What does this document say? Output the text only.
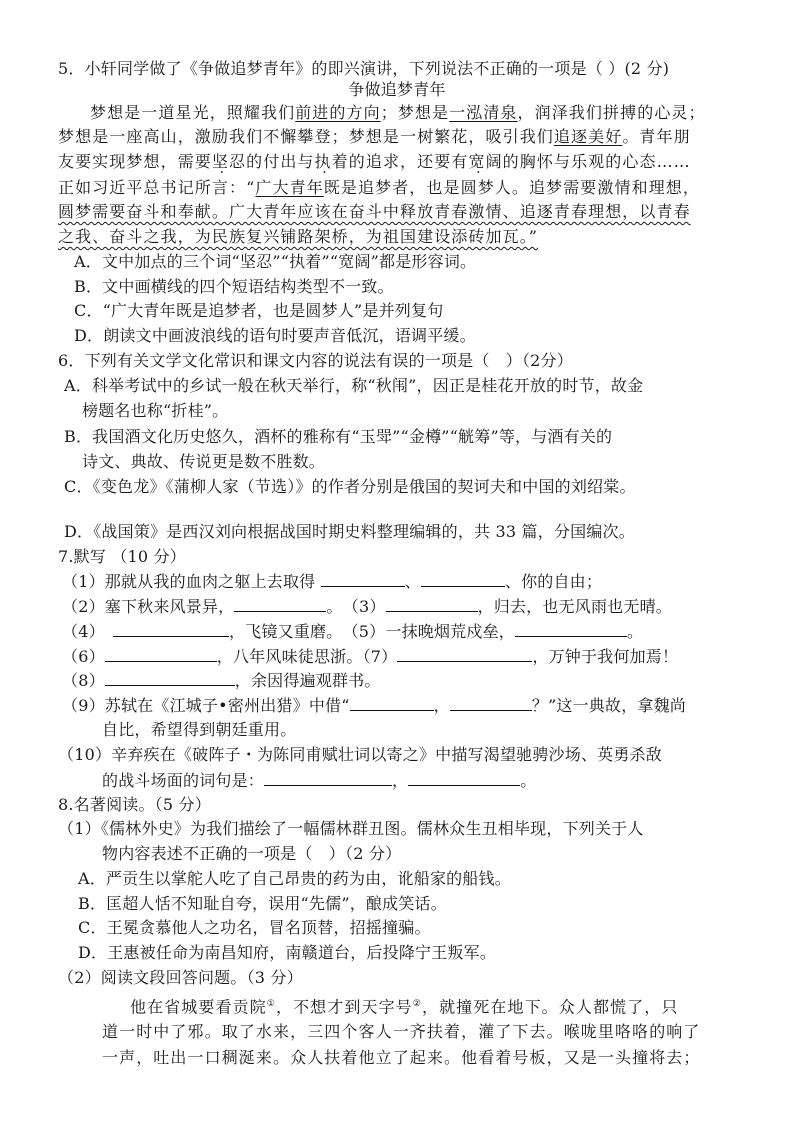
5．小轩同学做了《争做追梦青年》的即兴演讲，下列说法不正确的一项是（ ）(2 分)
争做追梦青年
梦想是一道星光，照耀我们前进的方向；梦想是一泓清泉，润泽我们拼搏的心灵；
梦想是一座高山，激励我们不懈攀登；梦想是一树繁花，吸引我们追逐美好。青年朋
友要实现梦想，需要坚忍的付出与执着的追求，还要有宽阔的胸怀与乐观的心态……
正如习近平总书记所言：“广大青年既是追梦者，也是圆梦人。追梦需要激情和理想，
圆梦需要奋斗和奉献。广大青年应该在奋斗中释放青春激情、追逐青春理想，以青春
之我、奋斗之我，为民族复兴铺路架桥，为祖国建设添砖加瓦。”
A．文中加点的三个词“坚忍”“执着”“宽阔”都是形容词。
B．文中画横线的四个短语结构类型不一致。
C．“广大青年既是追梦者，也是圆梦人”是并列复句
D．朗读文中画波浪线的语句时要声音低沉，语调平缓。
6．下列有关文学文化常识和课文内容的说法有误的一项是（　）（2分）
A．科举考试中的乡试一般在秋天举行，称“秋闱”，因正是桂花开放的时节，故金
榜题名也称“折桂”。
B．我国酒文化历史悠久，酒杯的雅称有“玉斝”“金樽”“觥筹”等，与酒有关的
诗文、典故、传说更是数不胜数。
C．《变色龙》《蒲柳人家（节选）》的作者分别是俄国的契诃夫和中国的刘绍棠。
D．《战国策》是西汉刘向根据战国时期史料整理编辑的，共 33 篇，分国编次。
7.默写 （10 分）
（1）那就从我的血肉之躯上去取得	、	、你的自由；
（2）塞下秋来风景异，	。　（3）	，归去，也无风雨也无晴。
（4）　	，飞镜又重磨。　（5）一抹晚烟荒戍垒，	。
（6）	，八年风味徒思浙。（7）	，万钟于我何加焉！
（8）	，余因得遍观群书。
（9）苏轼在《江城子•密州出猎》中借“	，	？”这一典故，拿魏尚
自比，希望得到朝廷重用。
（10）辛弃疾在《破阵子・为陈同甫赋壮词以寄之》中描写渴望驰骋沙场、英勇杀敌
的战斗场面的词句是：	，	。
8.名著阅读。（5 分）
（1）《儒林外史》为我们描绘了一幅儒林群丑图。儒林众生丑相毕现，下列关于人
物内容表述不正确的一项是（　）（2 分）
A．严贡生以掌舵人吃了自己昂贵的药为由，讹船家的船钱。
B．匡超人恬不知耻自夸，误用“先儒”，酿成笑话。
C．王冕贪慕他人之功名，冒名顶替，招摇撞骗。
D．王惠被任命为南昌知府，南赣道台，后投降宁王叛军。
（2）阅读文段回答问题。（3 分）
他在省城要看贡院①，不想才到天字号②，就撞死在地下。众人都慌了，只
道一时中了邪。取了水来，三四个客人一齐扶着，灌了下去。喉咙里咯咯的响了
一声，吐出一口稠涎来。众人扶着他立了起来。他看着号板，又是一头撞将去；
